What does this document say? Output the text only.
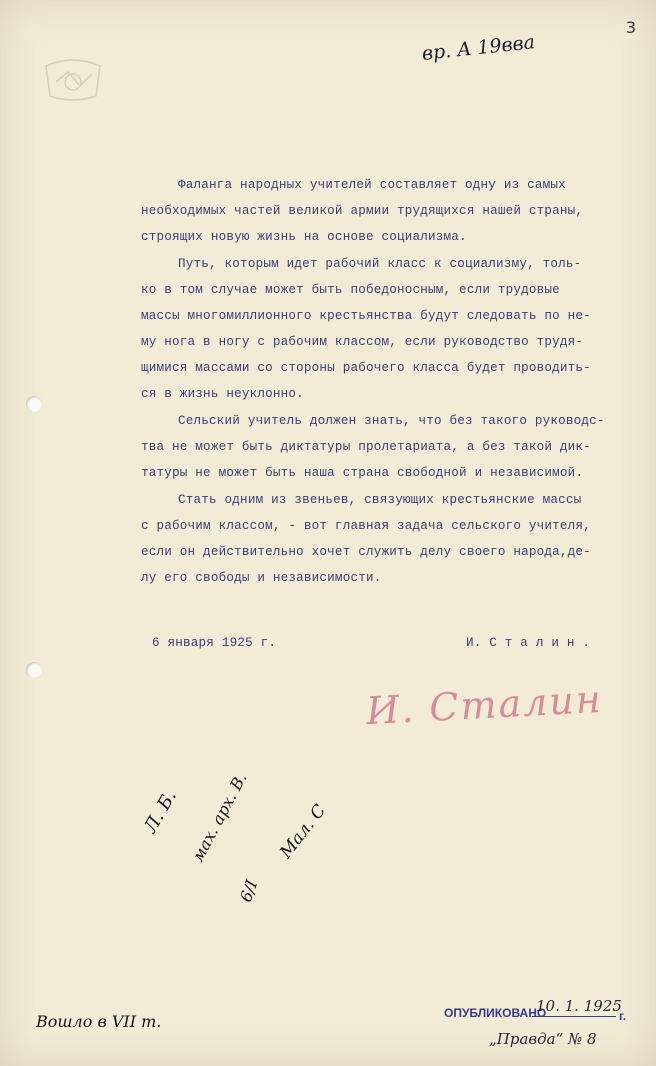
3
вр. А 19ввa

Фаланга народных учителей составляет одну из самых

необходимых частей великой армии трудящихся нашей страны,

строящих новую жизнь на основе социализма.

Путь, которым идет рабочий класс к социализму, толь-

ко в том случае может быть победоносным, если трудовые

массы многомиллионного крестьянства будут следовать по не-

му нога в ногу с рабочим классом, если руководство трудя-

щимися массами со стороны рабочего класса будет проводить-

ся в жизнь неуклонно.

Сельский учитель должен знать, что без такого руководс-

тва не может быть диктатуры пролетариата, а без такой дик-

татуры не может быть наша страна свободной и независимой.

Стать одним из звеньев, связующих крестьянские массы

с рабочим классом, - вот главная задача сельского учителя,

если он действительно хочет служить делу своего народа,де-

лу его свободы и независимости.

6 января 1925 г.

	И. С т а л и н .

И. Сталин
Л. Б. мах. арх. В.
6/I
Мал. С
Вошло в VII т.	ОПУБЛИКОВАНО
10. 1. 1925
г.
„Правда“ № 8
